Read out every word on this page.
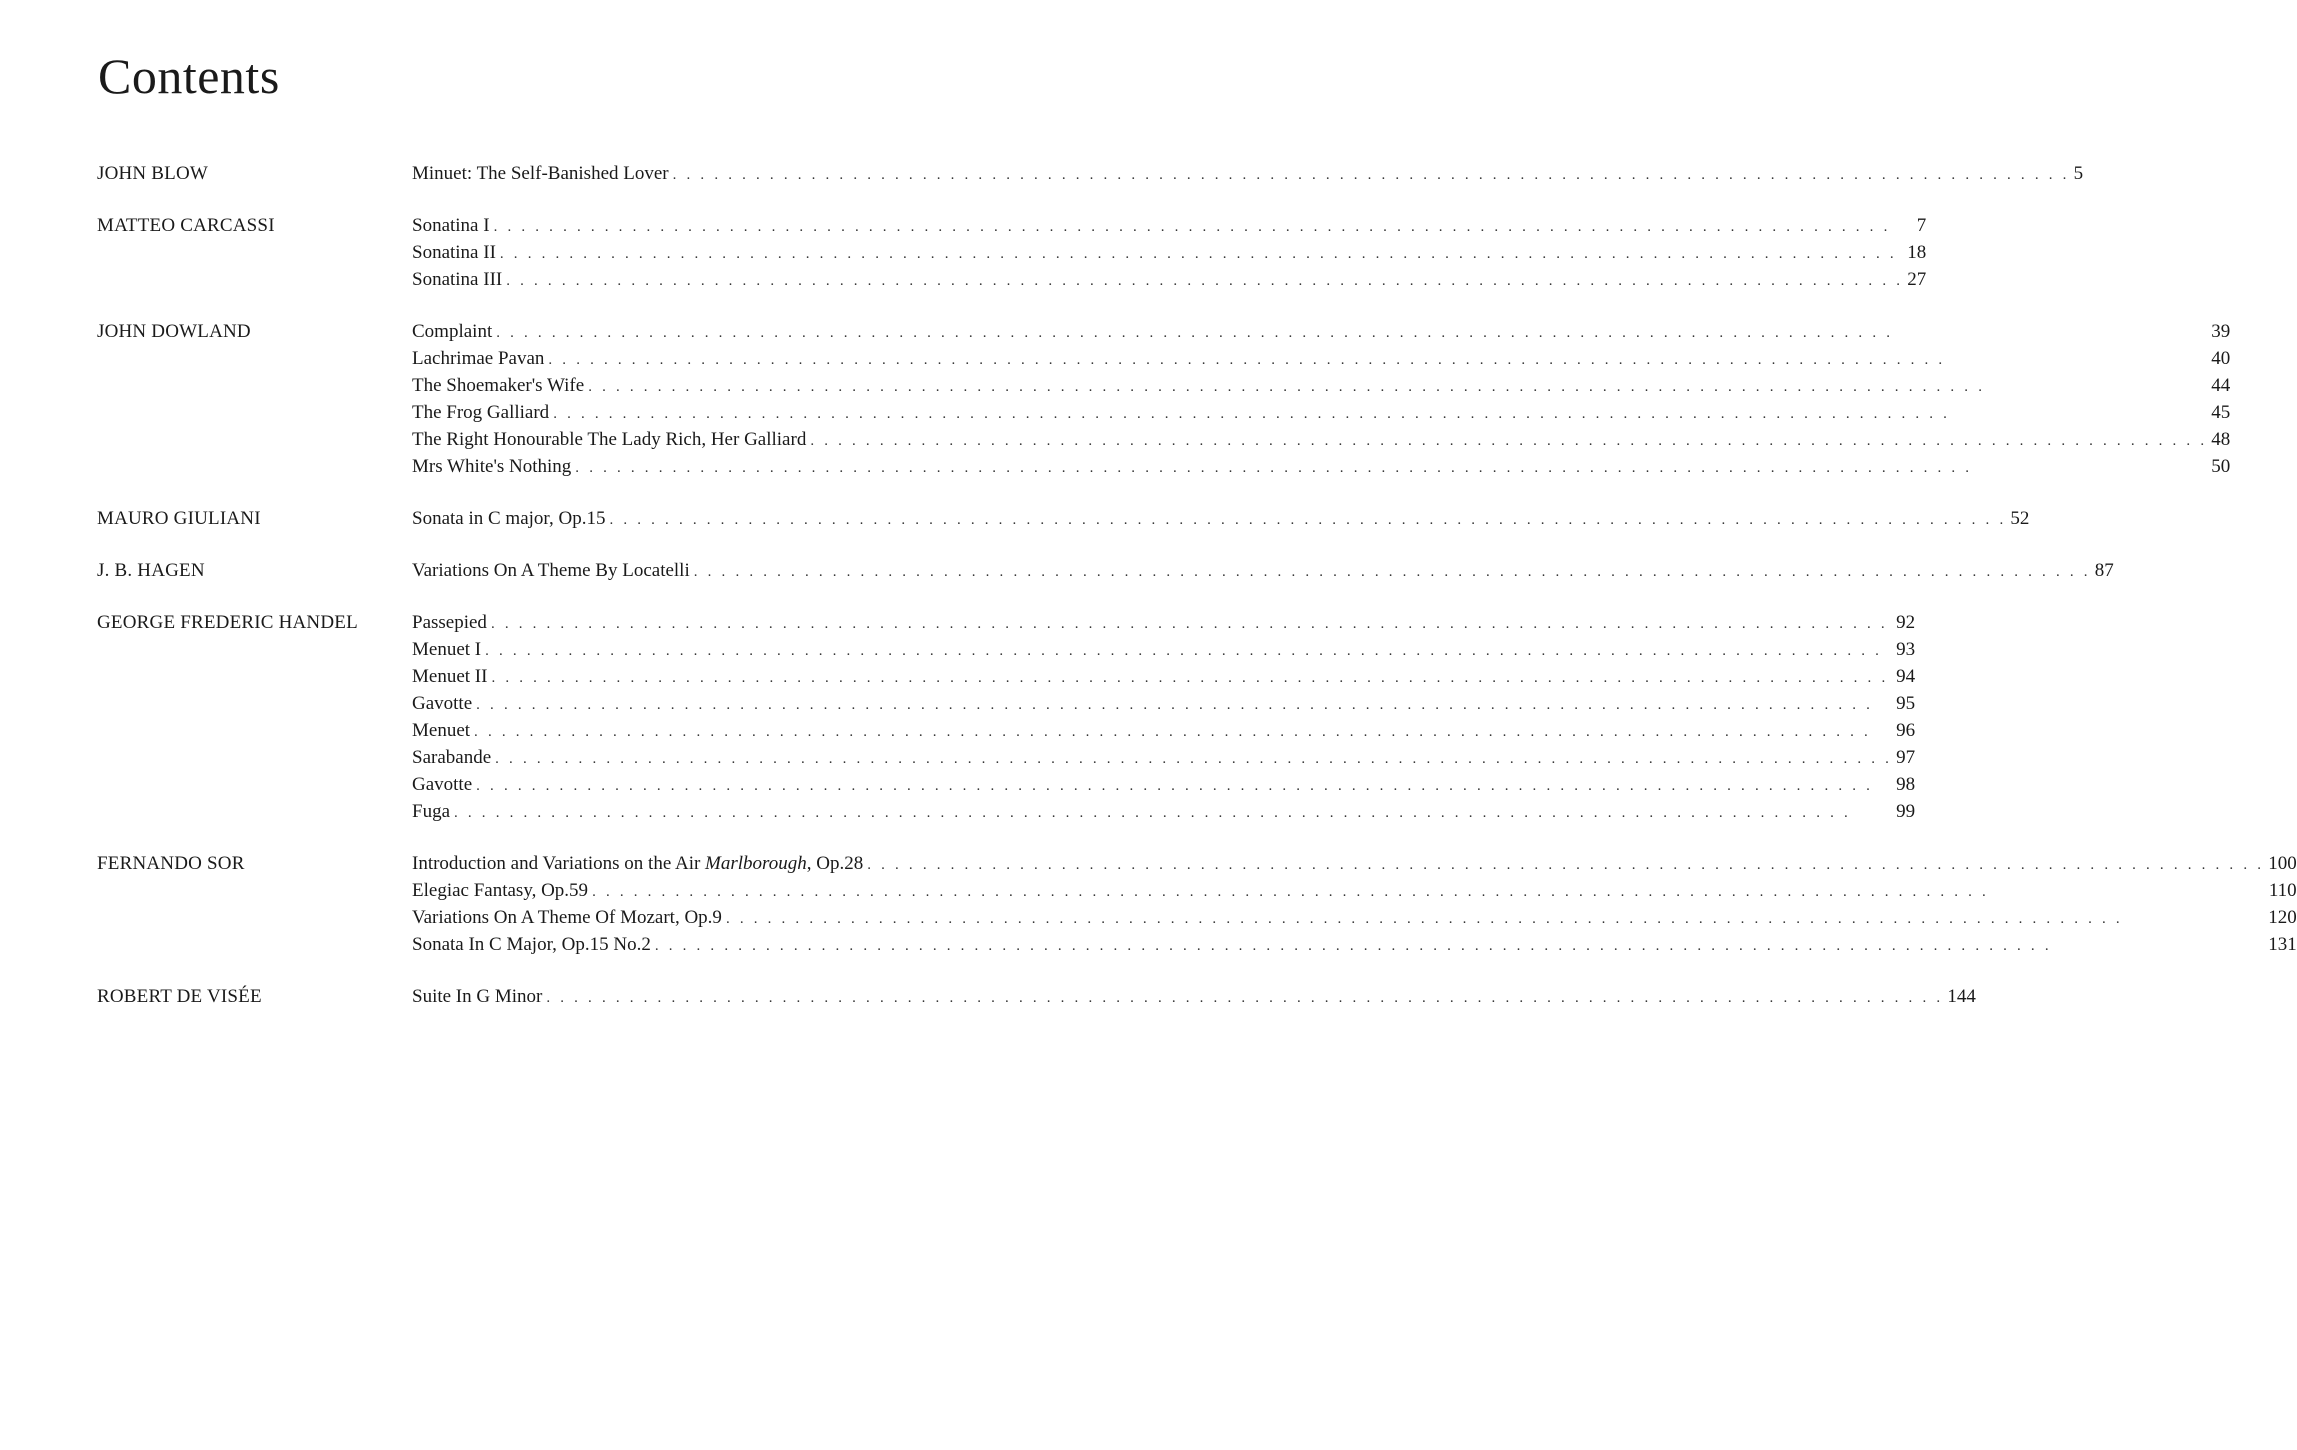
Contents
JOHN BLOW	Minuet: The Self-Banished Lover . . .	5
MATTEO CARCASSI	Sonatina I . . .	7
Sonatina II . . .	18
Sonatina III . . .	27
JOHN DOWLAND	Complaint . . .	39
Lachrimae Pavan . . .	40
The Shoemaker's Wife . . .	44
The Frog Galliard . . .	45
The Right Honourable The Lady Rich, Her Galliard . . .	48
Mrs White's Nothing . . .	50
MAURO GIULIANI	Sonata in C major, Op.15 . . .	52
J. B. HAGEN	Variations On A Theme By Locatelli . . .	87
GEORGE FREDERIC HANDEL	Passepied . . .	92
Menuet I . . .	93
Menuet II . . .	94
Gavotte . . .	95
Menuet . . .	96
Sarabande . . .	97
Gavotte . . .	98
Fuga . . .	99
FERNANDO SOR	Introduction and Variations on the Air Marlborough, Op.28 . . .	100
Elegiac Fantasy, Op.59 . . .	110
Variations On A Theme Of Mozart, Op.9 . . .	120
Sonata In C Major, Op.15 No.2 . . .	131
ROBERT DE VISÉE	Suite In G Minor . . .	144
